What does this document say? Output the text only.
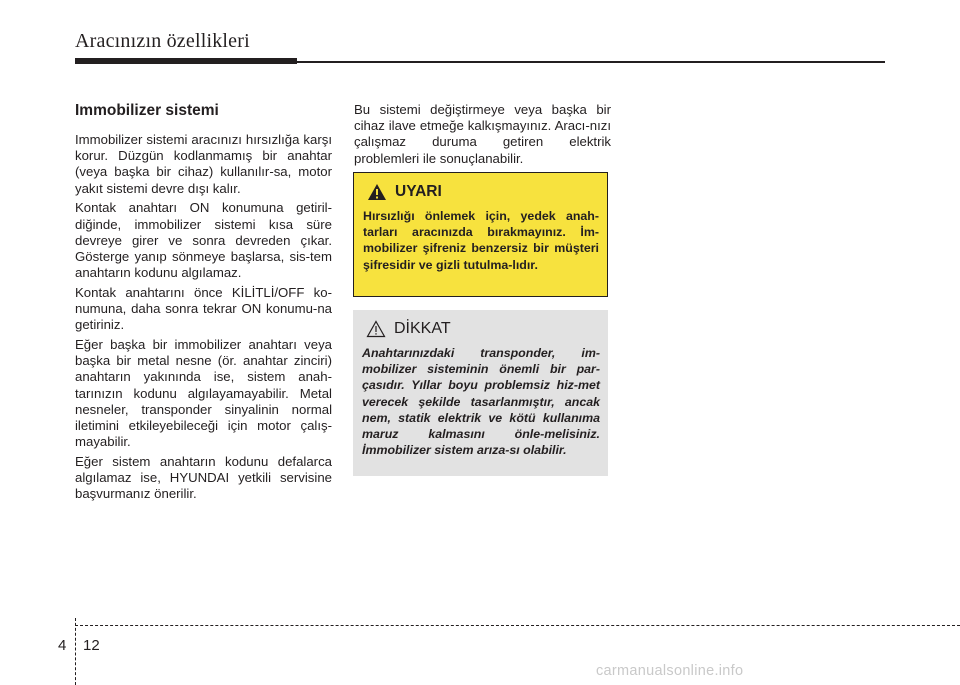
Aracınızın özellikleri
Immobilizer sistemi

Immobilizer sistemi aracınızı hırsızlığa karşı korur. Düzgün kodlanmamış bir anahtar (veya başka bir cihaz) kullanılır-sa, motor yakıt sistemi devre dışı kalır.

Kontak anahtarı ON konumuna getiril-diğinde, immobilizer sistemi kısa süre devreye girer ve sonra devreden çıkar. Gösterge yanıp sönmeye başlarsa, sis-tem anahtarın kodunu algılamaz.

Kontak anahtarını önce KİLİTLİ/OFF ko-numuna, daha sonra tekrar ON konumu-na getiriniz.

Eğer başka bir immobilizer anahtarı veya başka bir metal nesne (ör. anahtar zinciri) anahtarın yakınında ise, sistem anah-tarınızın kodunu algılayamayabilir. Metal nesneler, transponder sinyalinin normal iletimini etkileyebileceği için motor çalış-mayabilir.

Eğer sistem anahtarın kodunu defalarca algılamaz ise, HYUNDAI yetkili servisine başvurmanız önerilir.

Bu sistemi değiştirmeye veya başka bir cihaz ilave etmeğe kalkışmayınız. Aracı-nızı çalışmaz duruma getiren elektrik problemleri ile sonuçlanabilir.

UYARI
Hırsızlığı önlemek için, yedek anah-tarları aracınızda bırakmayınız. İm-mobilizer şifreniz benzersiz bir müşteri şifresidir ve gizli tutulma-lıdır.
DİKKAT
Anahtarınızdaki transponder, im-mobilizer sisteminin önemli bir par-çasıdır. Yıllar boyu problemsiz hiz-met verecek şekilde tasarlanmıştır, ancak nem, statik elektrik ve kötü kullanıma maruz kalmasını önle-melisiniz. İmmobilizer sistem arıza-sı olabilir.
4 12
carmanualsonline.info
